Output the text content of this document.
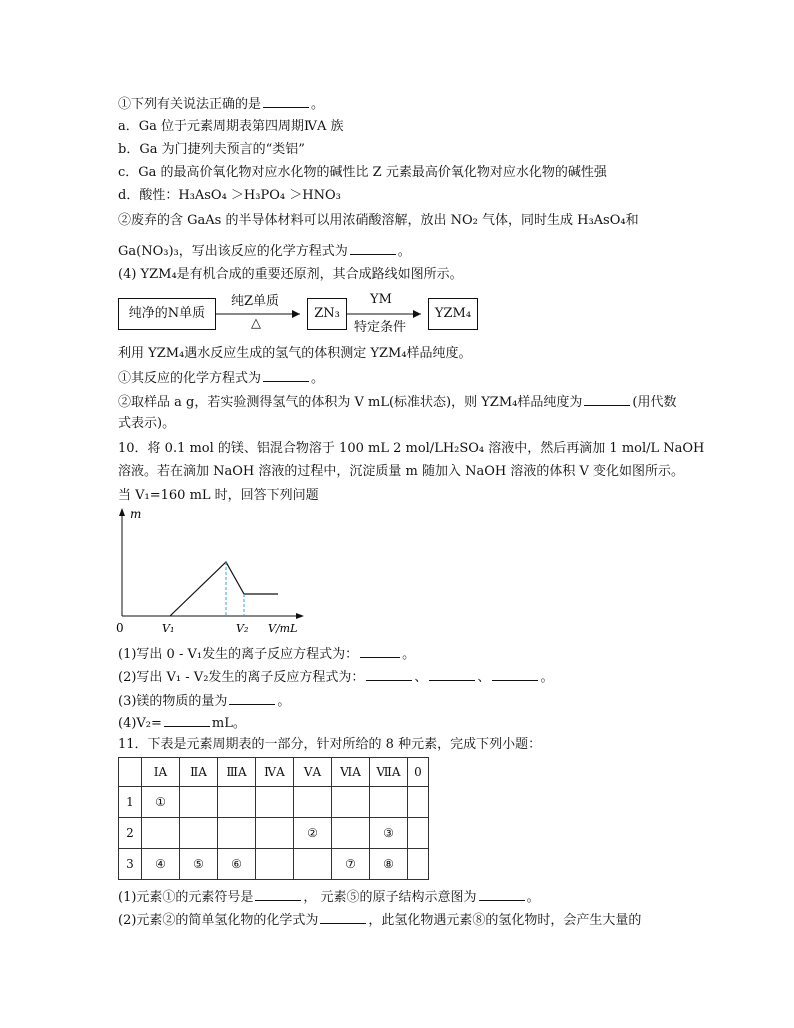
①下列有关说法正确的是	。
a．Ga 位于元素周期表第四周期ⅣA 族
b．Ga 为门捷列夫预言的“类铝”
c．Ga 的最高价氧化物对应水化物的碱性比 Z 元素最高价氧化物对应水化物的碱性强
d．酸性：H₃AsO₄ ＞H₃PO₄ ＞HNO₃
②废弃的含 GaAs 的半导体材料可以用浓硝酸溶解，放出 NO₂ 气体，同时生成 H₃AsO₄和
Ga(NO₃)₃，写出该反应的化学方程式为	。
(4) YZM₄是有机合成的重要还原剂，其合成路线如图所示。
纯净的N单质
纯Z单质
△
ZN₃
YM
特定条件
YZM₄
利用 YZM₄遇水反应生成的氢气的体积测定 YZM₄样品纯度。
①其反应的化学方程式为	。
②取样品 a g，若实验测得氢气的体积为 V mL(标准状态)，则 YZM₄样品纯度为	(用代数
式表示)。
10．将 0.1 mol 的镁、铝混合物溶于 100 mL 2 mol/LH₂SO₄ 溶液中，然后再滴加 1 mol/L NaOH
溶液。若在滴加 NaOH 溶液的过程中，沉淀质量 m 随加入 NaOH 溶液的体积 V 变化如图所示。
当 V₁=160 mL 时，回答下列问题
m
0	V₁	V₂ V/mL
(1)写出 0 - V₁发生的离子反应方程式为：	。
(2)写出 V₁ - V₂发生的离子反应方程式为：	、	、	。
(3)镁的物质的量为	。
(4)V₂=	mL。
11．下表是元素周期表的一部分，针对所给的 8 种元素，完成下列小题：
	ⅠA	ⅡA	ⅢA	ⅣA	ⅤA	ⅥA	ⅦA	0
1	①							
2					②		③	
3	④	⑤	⑥			⑦	⑧	
(1)元素①的元素符号是	， 元素⑤的原子结构示意图为	。
(2)元素②的简单氢化物的化学式为	，此氢化物遇元素⑧的氢化物时，会产生大量的
